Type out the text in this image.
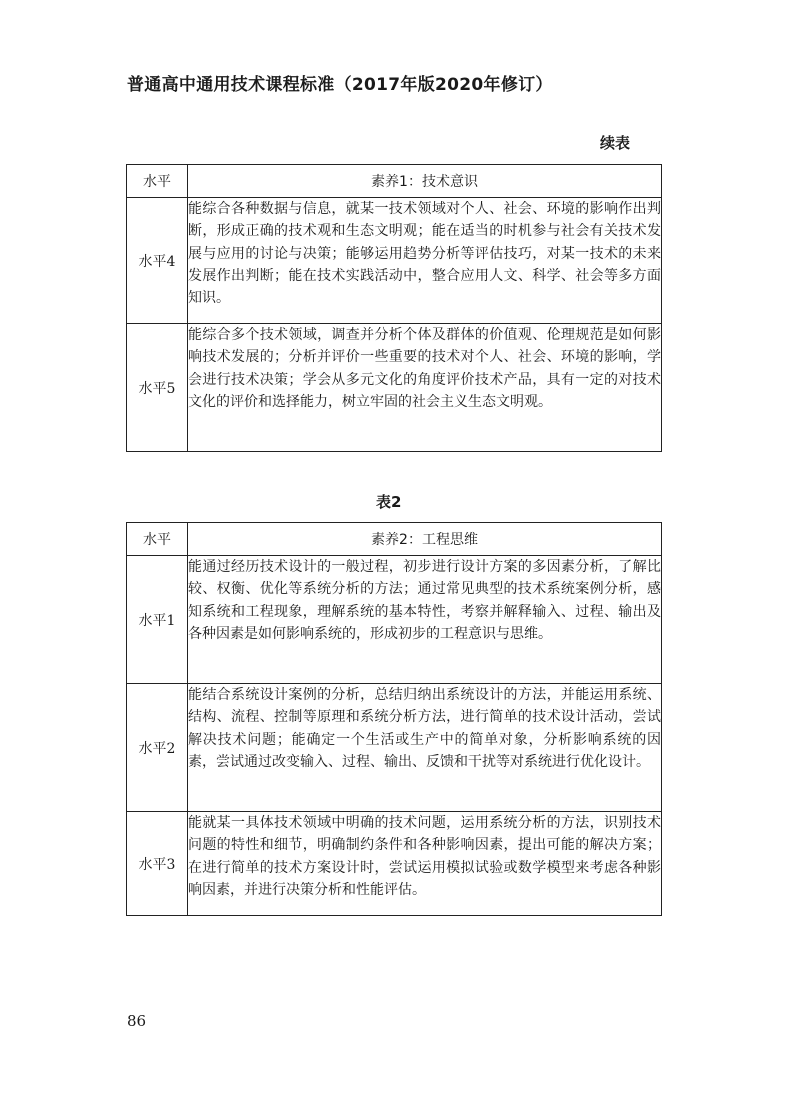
普通高中通用技术课程标准（2017年版2020年修订）
续表
水平	素养1：技术意识
水平4	能综合各种数据与信息，就某一技术领域对个人、社会、环境的影响作出判断，形成正确的技术观和生态文明观；能在适当的时机参与社会有关技术发展与应用的讨论与决策；能够运用趋势分析等评估技巧，对某一技术的未来发展作出判断；能在技术实践活动中，整合应用人文、科学、社会等多方面知识。
水平5	能综合多个技术领域，调查并分析个体及群体的价值观、伦理规范是如何影响技术发展的；分析并评价一些重要的技术对个人、社会、环境的影响，学会进行技术决策；学会从多元文化的角度评价技术产品，具有一定的对技术文化的评价和选择能力，树立牢固的社会主义生态文明观。
表2
水平	素养2：工程思维
水平1	能通过经历技术设计的一般过程，初步进行设计方案的多因素分析，了解比较、权衡、优化等系统分析的方法；通过常见典型的技术系统案例分析，感知系统和工程现象，理解系统的基本特性，考察并解释输入、过程、输出及各种因素是如何影响系统的，形成初步的工程意识与思维。
水平2	能结合系统设计案例的分析，总结归纳出系统设计的方法，并能运用系统、结构、流程、控制等原理和系统分析方法，进行简单的技术设计活动，尝试解决技术问题；能确定一个生活或生产中的简单对象，分析影响系统的因素，尝试通过改变输入、过程、输出、反馈和干扰等对系统进行优化设计。
水平3	能就某一具体技术领域中明确的技术问题，运用系统分析的方法，识别技术问题的特性和细节，明确制约条件和各种影响因素，提出可能的解决方案；在进行简单的技术方案设计时，尝试运用模拟试验或数学模型来考虑各种影响因素，并进行决策分析和性能评估。
86
